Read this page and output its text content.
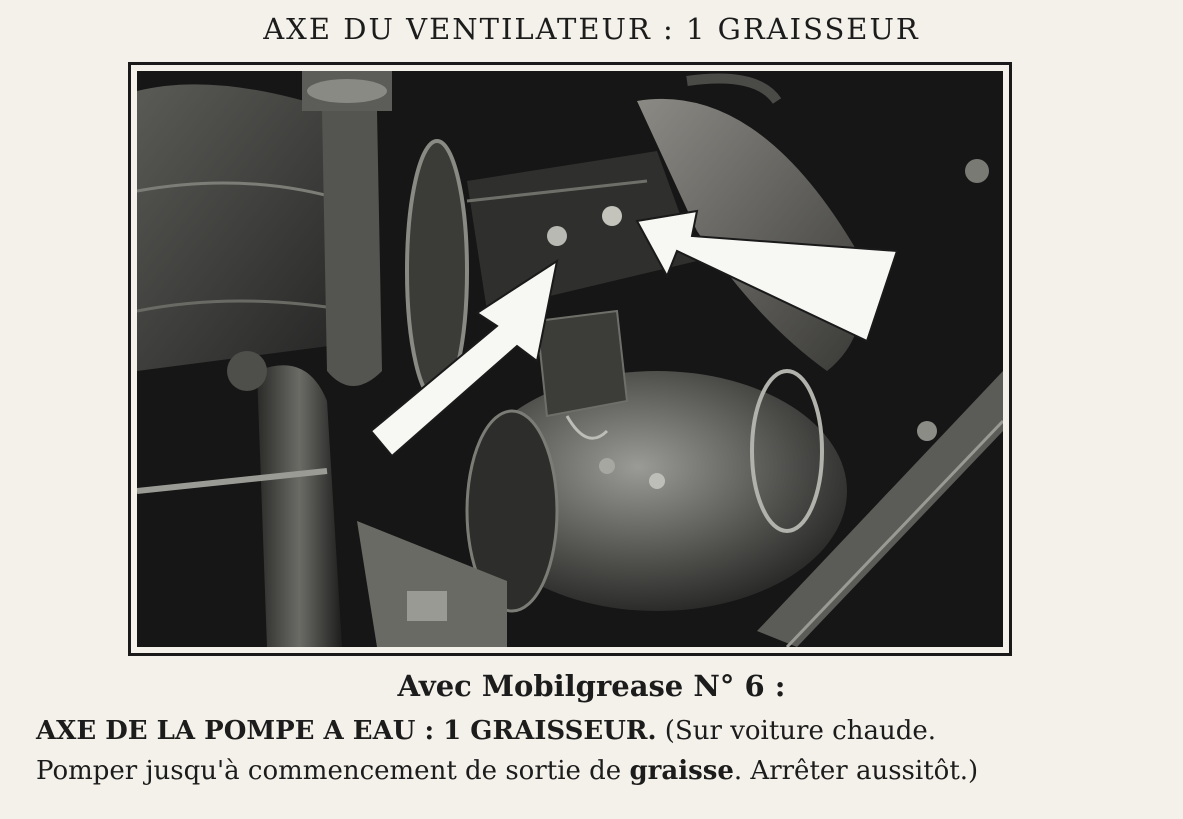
AXE DU VENTILATEUR : 1 GRAISSEUR
Avec Mobilgrease N° 6 :

AXE DE LA POMPE A EAU : 1 GRAISSEUR. (Sur voiture chaude.

Pomper jusqu'à commencement de sortie de graisse. Arrêter aussitôt.)
